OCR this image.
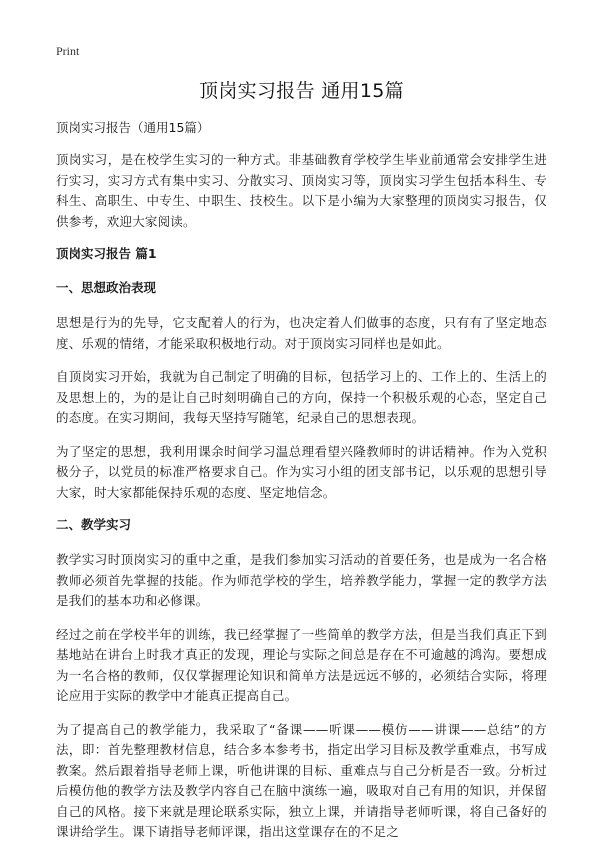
Print
顶岗实习报告 通用15篇
顶岗实习报告（通用15篇）

顶岗实习，是在校学生实习的一种方式。非基础教育学校学生毕业前通常会安排学生进行实习，实习方式有集中实习、分散实习、顶岗实习等，顶岗实习学生包括本科生、专科生、高职生、中专生、中职生、技校生。以下是小编为大家整理的顶岗实习报告，仅供参考，欢迎大家阅读。

顶岗实习报告 篇1
一、思想政治表现

思想是行为的先导，它支配着人的行为，也决定着人们做事的态度，只有有了坚定地态度、乐观的情绪，才能采取积极地行动。对于顶岗实习同样也是如此。

自顶岗实习开始，我就为自己制定了明确的目标，包括学习上的、工作上的、生活上的及思想上的，为的是让自己时刻明确自己的方向，保持一个积极乐观的心态，坚定自己的态度。在实习期间，我每天坚持写随笔，纪录自己的思想表现。

为了坚定的思想，我利用课余时间学习温总理看望兴隆教师时的讲话精神。作为入党积极分子，以党员的标准严格要求自己。作为实习小组的团支部书记，以乐观的思想引导大家，时大家都能保持乐观的态度、坚定地信念。

二、教学实习

教学实习时顶岗实习的重中之重，是我们参加实习活动的首要任务，也是成为一名合格教师必须首先掌握的技能。作为师范学校的学生，培养教学能力，掌握一定的教学方法是我们的基本功和必修课。

经过之前在学校半年的训练，我已经掌握了一些简单的教学方法，但是当我们真正下到基地站在讲台上时我才真正的发现，理论与实际之间总是存在不可逾越的鸿沟。要想成为一名合格的教师，仅仅掌握理论知识和简单方法是远远不够的，必须结合实际，将理论应用于实际的教学中才能真正提高自己。

为了提高自己的教学能力，我采取了“备课——听课——模仿——讲课——总结”的方法，即：首先整理教材信息，结合多本参考书，指定出学习目标及教学重难点，书写成教案。然后跟着指导老师上课，听他讲课的目标、重难点与自己分析是否一致。分析过后模仿他的教学方法及教学内容自己在脑中演练一遍，吸取对自己有用的知识，并保留自己的风格。接下来就是理论联系实际，独立上课，并请指导老师听课，将自己备好的课讲给学生。课下请指导老师评课，指出这堂课存在的不足之
